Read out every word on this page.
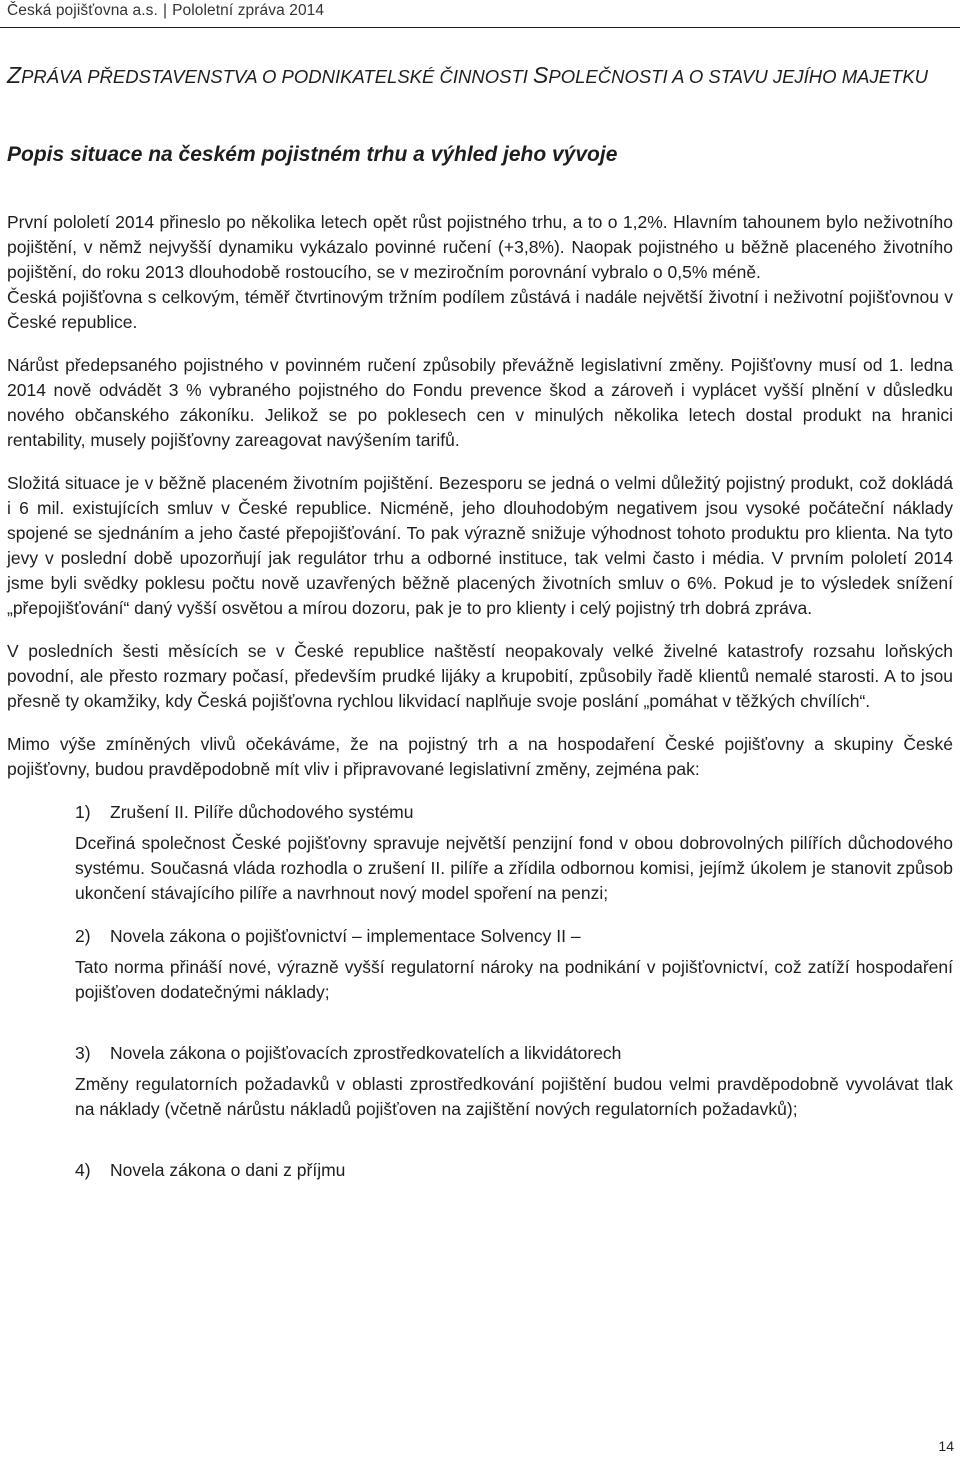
Česká pojišťovna a.s. | Pololetní zpráva 2014
ZPRÁVA PŘEDSTAVENSTVA O PODNIKATELSKÉ ČINNOSTI SPOLEČNOSTI A O STAVU JEJÍHO MAJETKU
Popis situace na českém pojistném trhu a výhled jeho vývoje

První pololetí 2014 přineslo po několika letech opět růst pojistného trhu, a to o 1,2%. Hlavním tahounem bylo neživotního pojištění, v němž nejvyšší dynamiku vykázalo povinné ručení (+3,8%). Naopak pojistného u běžně placeného životního pojištění, do roku 2013 dlouhodobě rostoucího, se v meziročním porovnání vybralo o 0,5% méně.

Česká pojišťovna s celkovým, téměř čtvrtinovým tržním podílem zůstává i nadále největší životní i neživotní pojišťovnou v České republice.

Nárůst předepsaného pojistného v povinném ručení způsobily převážně legislativní změny. Pojišťovny musí od 1. ledna 2014 nově odvádět 3 % vybraného pojistného do Fondu prevence škod a zároveň i vyplácet vyšší plnění v důsledku nového občanského zákoníku. Jelikož se po poklesech cen v minulých několika letech dostal produkt na hranici rentability, musely pojišťovny zareagovat navýšením tarifů.

Složitá situace je v běžně placeném životním pojištění. Bezesporu se jedná o velmi důležitý pojistný produkt, což dokládá i 6 mil. existujících smluv v České republice. Nicméně, jeho dlouhodobým negativem jsou vysoké počáteční náklady spojené se sjednáním a jeho časté přepojišťování. To pak výrazně snižuje výhodnost tohoto produktu pro klienta. Na tyto jevy v poslední době upozorňují jak regulátor trhu a odborné instituce, tak velmi často i média. V prvním pololetí 2014 jsme byli svědky poklesu počtu nově uzavřených běžně placených životních smluv o 6%. Pokud je to výsledek snížení „přepojišťování“ daný vyšší osvětou a mírou dozoru, pak je to pro klienty i celý pojistný trh dobrá zpráva.

V posledních šesti měsících se v České republice naštěstí neopakovaly velké živelné katastrofy rozsahu loňských povodní, ale přesto rozmary počasí, především prudké lijáky a krupobití, způsobily řadě klientů nemalé starosti. A to jsou přesně ty okamžiky, kdy Česká pojišťovna rychlou likvidací naplňuje svoje poslání „pomáhat v těžkých chvílích“.

Mimo výše zmíněných vlivů očekáváme, že na pojistný trh a na hospodaření České pojišťovny a skupiny České pojišťovny, budou pravděpodobně mít vliv i připravované legislativní změny, zejména pak:

1) Zrušení II. Pilíře důchodového systému

Dceřiná společnost České pojišťovny spravuje největší penzijní fond v obou dobrovolných pilířích důchodového systému. Současná vláda rozhodla o zrušení II. pilíře a zřídila odbornou komisi, jejímž úkolem je stanovit způsob ukončení stávajícího pilíře a navrhnout nový model spoření na penzi;

2) Novela zákona o pojišťovnictví – implementace Solvency II –

Tato norma přináší nové, výrazně vyšší regulatorní nároky na podnikání v pojišťovnictví, což zatíží hospodaření pojišťoven dodatečnými náklady;

3) Novela zákona o pojišťovacích zprostředkovatelích a likvidátorech

Změny regulatorních požadavků v oblasti zprostředkování pojištění budou velmi pravděpodobně vyvolávat tlak na náklady (včetně nárůstu nákladů pojišťoven na zajištění nových regulatorních požadavků);

4) Novela zákona o dani z příjmu

14
